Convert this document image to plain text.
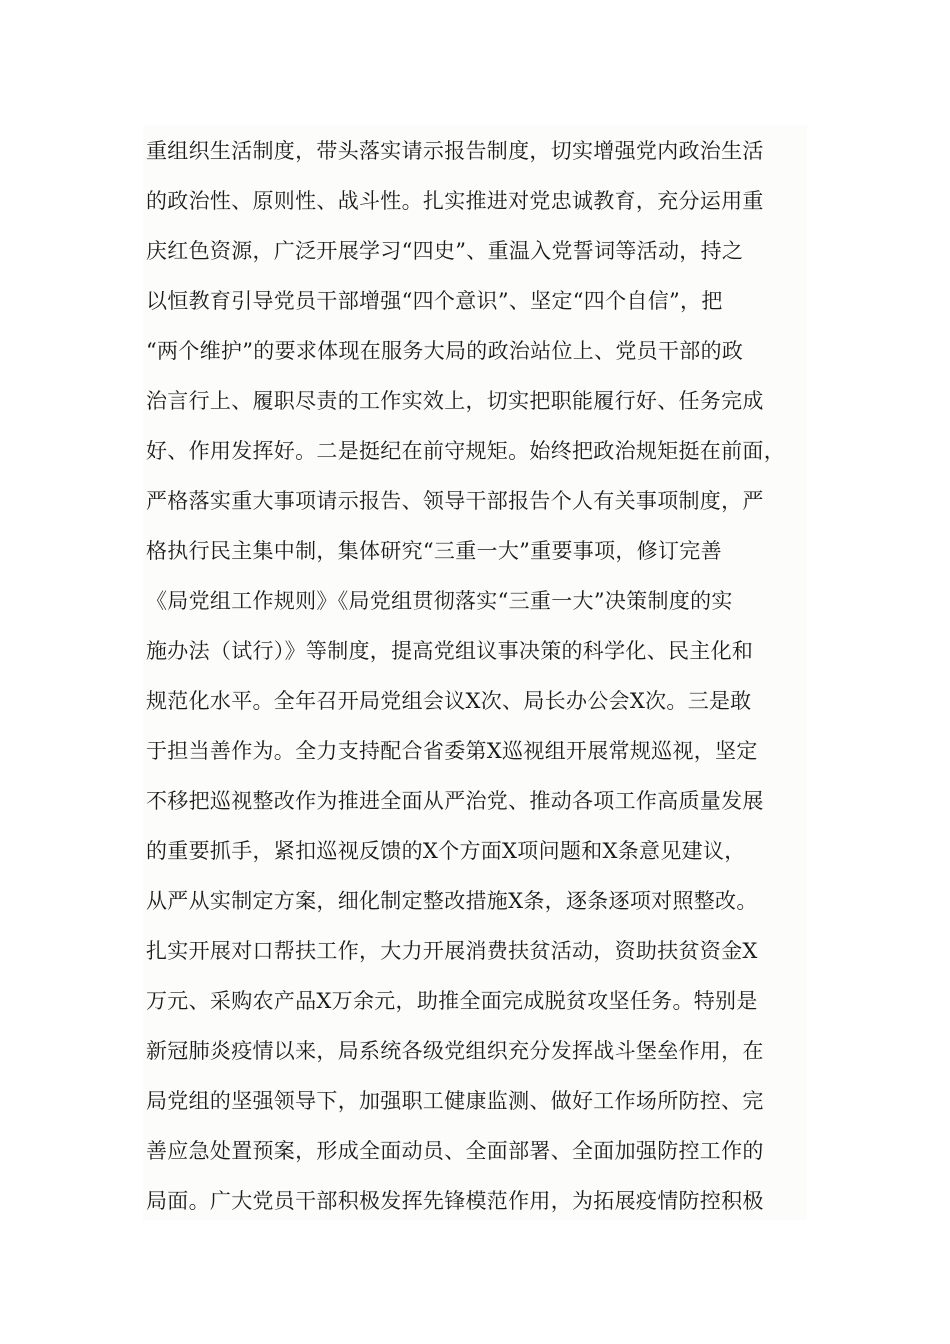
重组织生活制度，带头落实请示报告制度，切实增强党内政治生活
的政治性、原则性、战斗性。扎实推进对党忠诚教育，充分运用重
庆红色资源，广泛开展学习“四史”、重温入党誓词等活动，持之
以恒教育引导党员干部增强“四个意识”、坚定“四个自信”，把
“两个维护”的要求体现在服务大局的政治站位上、党员干部的政
治言行上、履职尽责的工作实效上，切实把职能履行好、任务完成
好、作用发挥好。二是挺纪在前守规矩。始终把政治规矩挺在前面，
严格落实重大事项请示报告、领导干部报告个人有关事项制度，严
格执行民主集中制，集体研究“三重一大”重要事项，修订完善
《局党组工作规则》《局党组贯彻落实“三重一大”决策制度的实
施办法（试行）》等制度，提高党组议事决策的科学化、民主化和
规范化水平。全年召开局党组会议X次、局长办公会X次。三是敢
于担当善作为。全力支持配合省委第X巡视组开展常规巡视，坚定
不移把巡视整改作为推进全面从严治党、推动各项工作高质量发展
的重要抓手，紧扣巡视反馈的X个方面X项问题和X条意见建议，
从严从实制定方案，细化制定整改措施X条，逐条逐项对照整改。
扎实开展对口帮扶工作，大力开展消费扶贫活动，资助扶贫资金X
万元、采购农产品X万余元，助推全面完成脱贫攻坚任务。特别是
新冠肺炎疫情以来，局系统各级党组织充分发挥战斗堡垒作用，在
局党组的坚强领导下，加强职工健康监测、做好工作场所防控、完
善应急处置预案，形成全面动员、全面部署、全面加强防控工作的
局面。广大党员干部积极发挥先锋模范作用，为拓展疫情防控积极
